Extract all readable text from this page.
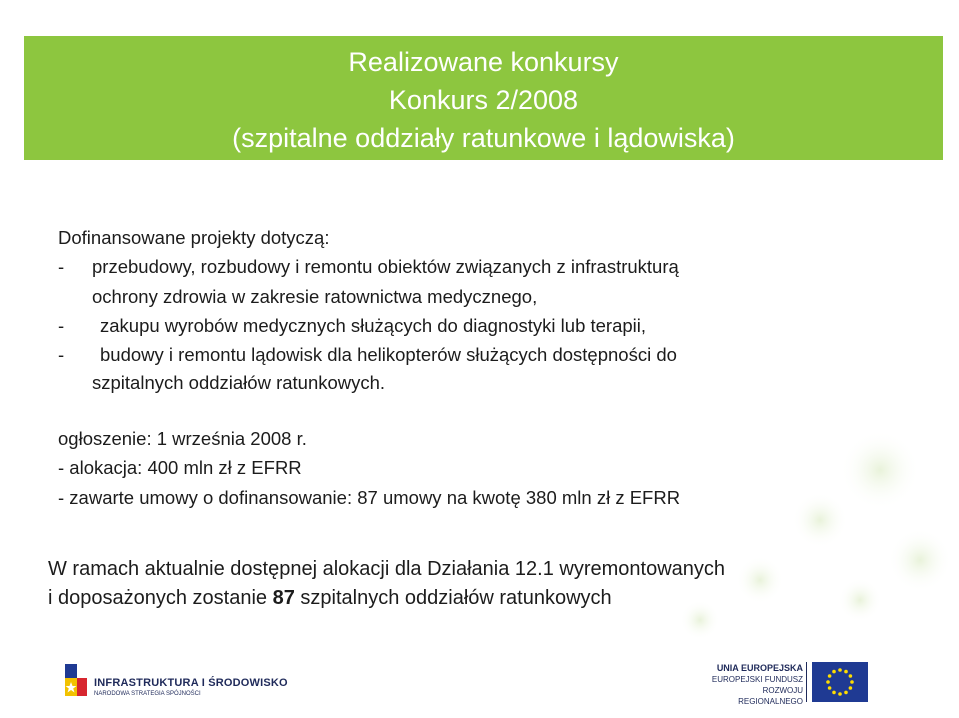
Realizowane konkursy
Konkurs 2/2008
(szpitalne oddziały ratunkowe i lądowiska)
Dofinansowane projekty dotyczą:
- przebudowy, rozbudowy i remontu obiektów związanych z infrastrukturą
ochrony zdrowia w zakresie ratownictwa medycznego,
- zakupu wyrobów medycznych służących do diagnostyki lub terapii,
- budowy i remontu lądowisk dla helikopterów służących dostępności do
szpitalnych oddziałów ratunkowych.
ogłoszenie: 1 września 2008 r.
- alokacja: 400 mln zł z EFRR
- zawarte umowy o dofinansowanie: 87 umowy na kwotę 380 mln zł z EFRR
W ramach aktualnie dostępnej alokacji dla Działania 12.1 wyremontowanych
i doposażonych zostanie 87 szpitalnych oddziałów ratunkowych
INFRASTRUKTURA I ŚRODOWISKO
NARODOWA STRATEGIA SPÓJNOŚCI
UNIA EUROPEJSKA
EUROPEJSKI FUNDUSZ
ROZWOJU REGIONALNEGO
